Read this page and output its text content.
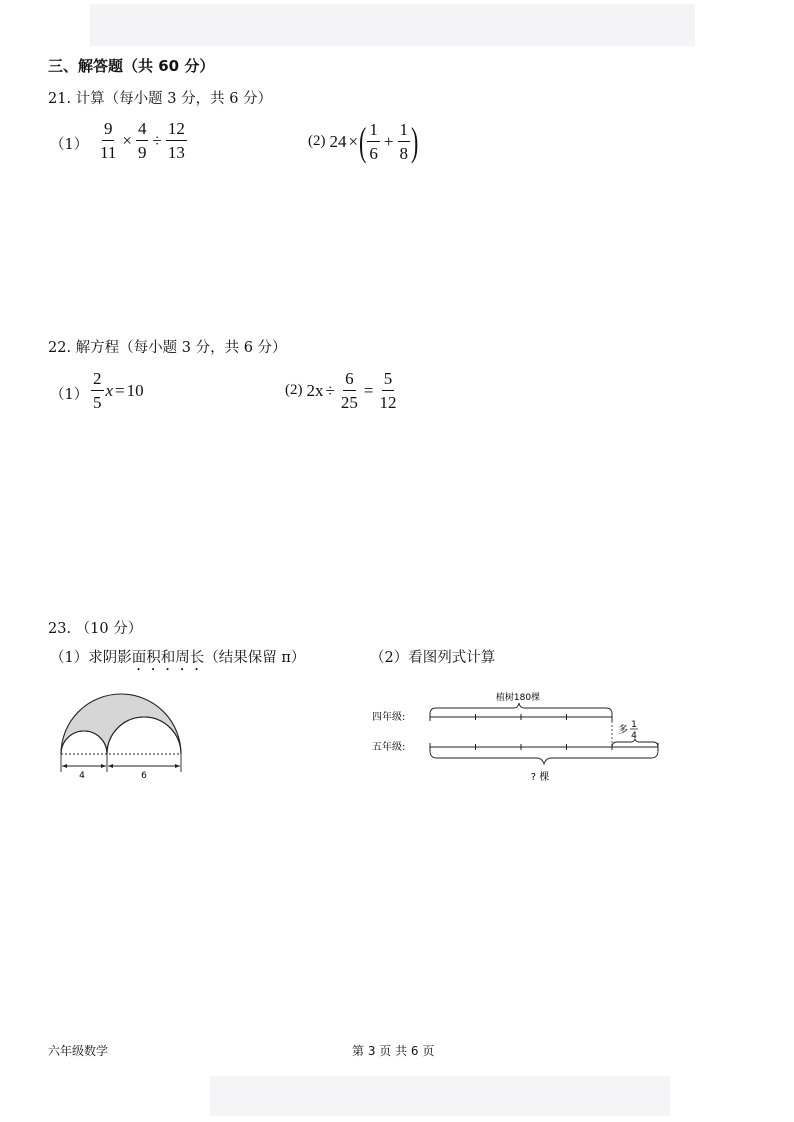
三、解答题（共 60 分）
21. 计算（每小题 3 分，共 6 分）
$(1) \frac{9}{11} \times \frac{4}{9} \div \frac{12}{13}$	(2) 24 × ( $\frac{1}{6} + \frac{1}{8}$ )
22. 解方程（每小题 3 分，共 6 分）
$(1) \frac{2}{5}$ x = 10	(2) $2x \div \frac{6}{25} = \frac{5}{12}$
23. （10 分）
（1）求阴影面积和周长（结果保留 π）	（2）看图列式计算
4	6
植树180棵
四年级:
多 1
4
五年级:
? 棵
六年级数学	第 3 页 共 6 页
